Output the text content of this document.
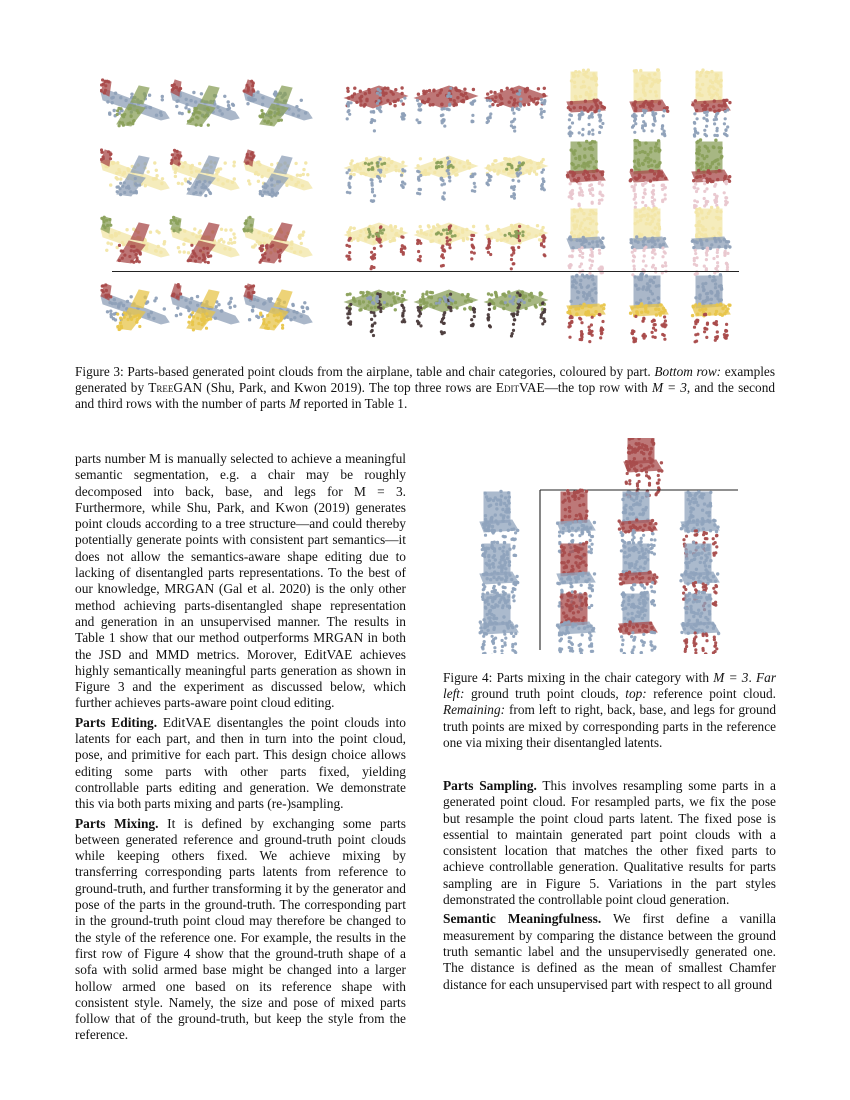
Figure 3: Parts-based generated point clouds from the airplane, table and chair categories, coloured by part. Bottom row: examples generated by TreeGAN (Shu, Park, and Kwon 2019). The top three rows are EditVAE—the top row with M = 3, and the second and third rows with the number of parts M reported in Table 1.

parts number M is manually selected to achieve a meaningful semantic segmentation, e.g. a chair may be roughly decomposed into back, base, and legs for M = 3. Furthermore, while Shu, Park, and Kwon (2019) generates point clouds according to a tree structure—and could thereby potentially generate points with consistent part semantics—it does not allow the semantics-aware shape editing due to lacking of disentangled parts representations. To the best of our knowledge, MRGAN (Gal et al. 2020) is the only other method achieving parts-disentangled shape representation and generation in an unsupervised manner. The results in Table 1 show that our method outperforms MRGAN in both the JSD and MMD metrics. Morover, EditVAE achieves highly semantically meaningful parts generation as shown in Figure 3 and the experiment as discussed below, which further achieves parts-aware point cloud editing.

Parts Editing. EditVAE disentangles the point clouds into latents for each part, and then in turn into the point cloud, pose, and primitive for each part. This design choice allows editing some parts with other parts fixed, yielding controllable parts editing and generation. We demonstrate this via both parts mixing and parts (re-)sampling.

Parts Mixing. It is defined by exchanging some parts between generated reference and ground-truth point clouds while keeping others fixed. We achieve mixing by transferring corresponding parts latents from reference to ground-truth, and further transforming it by the generator and pose of the parts in the ground-truth. The corresponding part in the ground-truth point cloud may therefore be changed to the style of the reference one. For example, the results in the first row of Figure 4 show that the ground-truth shape of a sofa with solid armed base might be changed into a larger hollow armed one based on its reference shape with consistent style. Namely, the size and pose of mixed parts follow that of the ground-truth, but keep the style from the reference.

Figure 4: Parts mixing in the chair category with M = 3. Far left: ground truth point clouds, top: reference point cloud. Remaining: from left to right, back, base, and legs for ground truth points are mixed by corresponding parts in the reference one via mixing their disentangled latents.

Parts Sampling. This involves resampling some parts in a generated point cloud. For resampled parts, we fix the pose but resample the point cloud parts latent. The fixed pose is essential to maintain generated part point clouds with a consistent location that matches the other fixed parts to achieve controllable generation. Qualitative results for parts sampling are in Figure 5. Variations in the part styles demonstrated the controllable point cloud generation.

Semantic Meaningfulness. We first define a vanilla measurement by comparing the distance between the ground truth semantic label and the unsupervisedly generated one. The distance is defined as the mean of smallest Chamfer distance for each unsupervised part with respect to all ground
